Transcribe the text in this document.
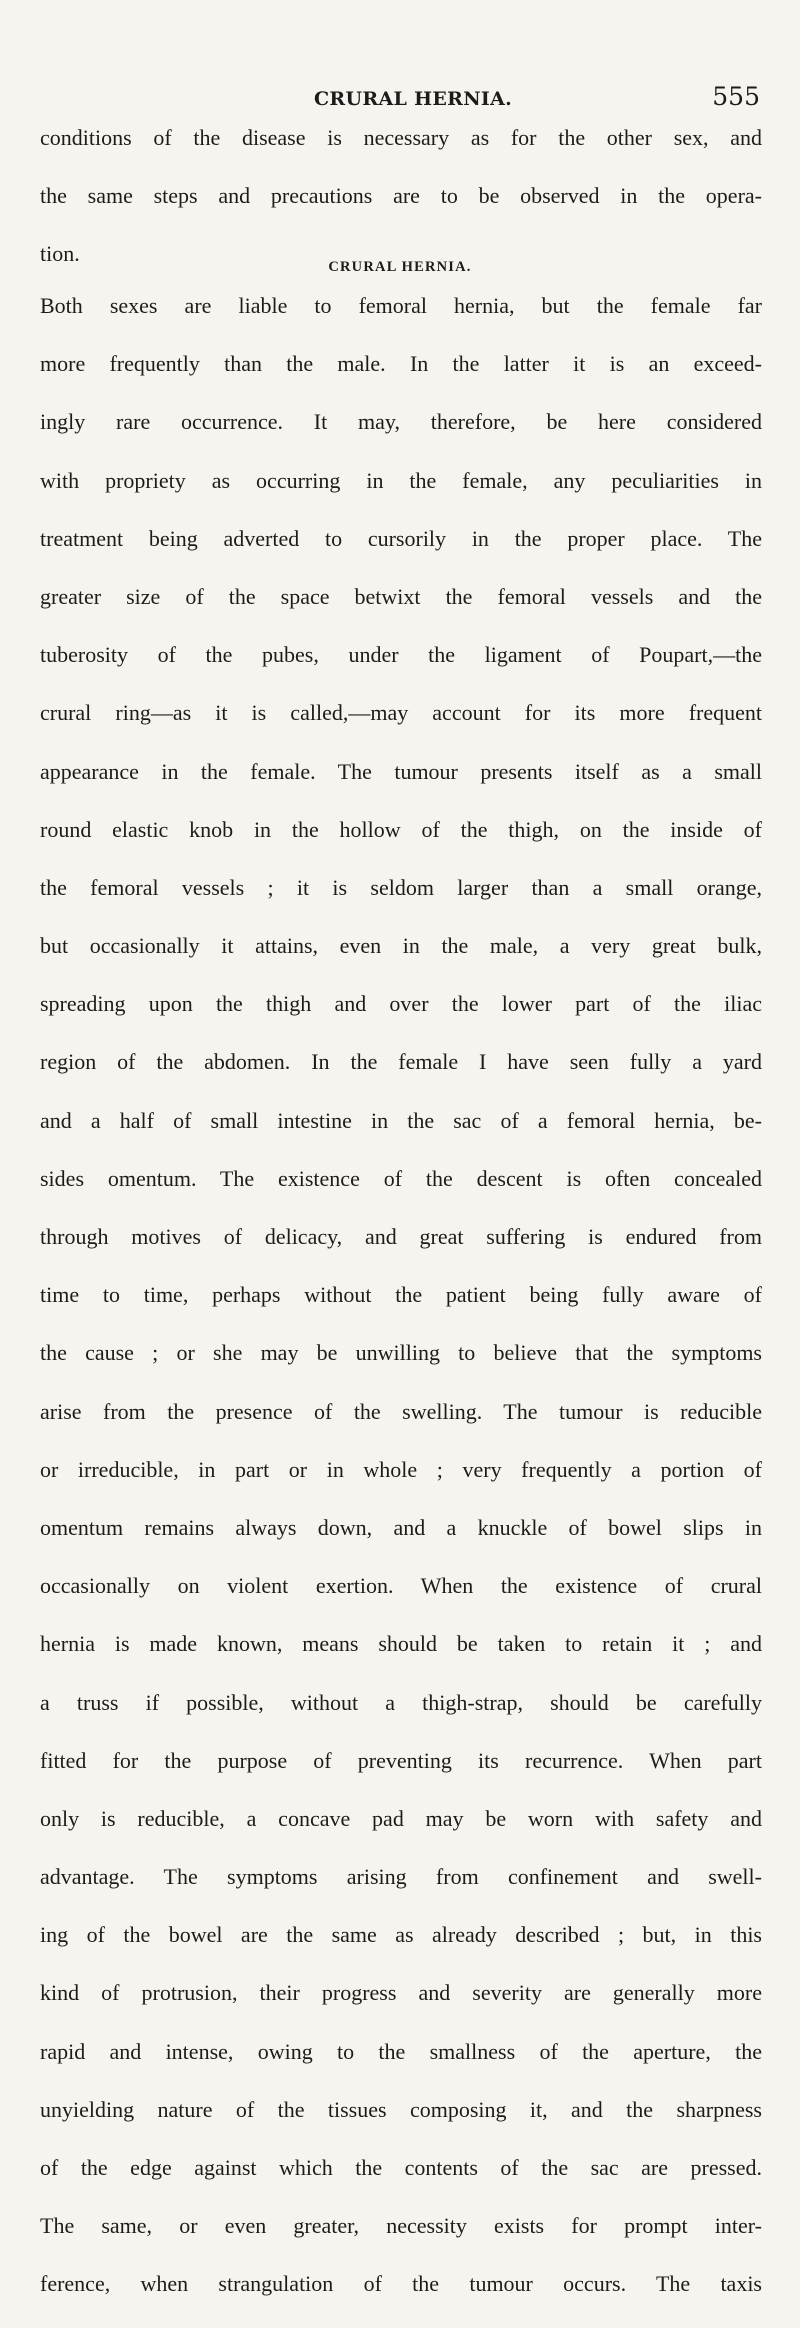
CRURAL HERNIA.	555

conditions of the disease is necessary as for the other sex, and
the same steps and precautions are to be observed in the opera-
tion.

CRURAL HERNIA.

Both sexes are liable to femoral hernia, but the female far
more frequently than the male. In the latter it is an exceed-
ingly rare occurrence. It may, therefore, be here considered
with propriety as occurring in the female, any peculiarities in
treatment being adverted to cursorily in the proper place. The
greater size of the space betwixt the femoral vessels and the
tuberosity of the pubes, under the ligament of Poupart,—the
crural ring—as it is called,—may account for its more frequent
appearance in the female. The tumour presents itself as a small
round elastic knob in the hollow of the thigh, on the inside of
the femoral vessels ; it is seldom larger than a small orange,
but occasionally it attains, even in the male, a very great bulk,
spreading upon the thigh and over the lower part of the iliac
region of the abdomen. In the female I have seen fully a yard
and a half of small intestine in the sac of a femoral hernia, be-
sides omentum. The existence of the descent is often concealed
through motives of delicacy, and great suffering is endured from
time to time, perhaps without the patient being fully aware of
the cause ; or she may be unwilling to believe that the symptoms
arise from the presence of the swelling. The tumour is reducible
or irreducible, in part or in whole ; very frequently a portion of
omentum remains always down, and a knuckle of bowel slips in
occasionally on violent exertion. When the existence of crural
hernia is made known, means should be taken to retain it ; and
a truss if possible, without a thigh-strap, should be carefully
fitted for the purpose of preventing its recurrence. When part
only is reducible, a concave pad may be worn with safety and
advantage. The symptoms arising from confinement and swell-
ing of the bowel are the same as already described ; but, in this
kind of protrusion, their progress and severity are generally more
rapid and intense, owing to the smallness of the aperture, the
unyielding nature of the tissues composing it, and the sharpness
of the edge against which the contents of the sac are pressed.
The same, or even greater, necessity exists for prompt inter-
ference, when strangulation of the tumour occurs. The taxis
